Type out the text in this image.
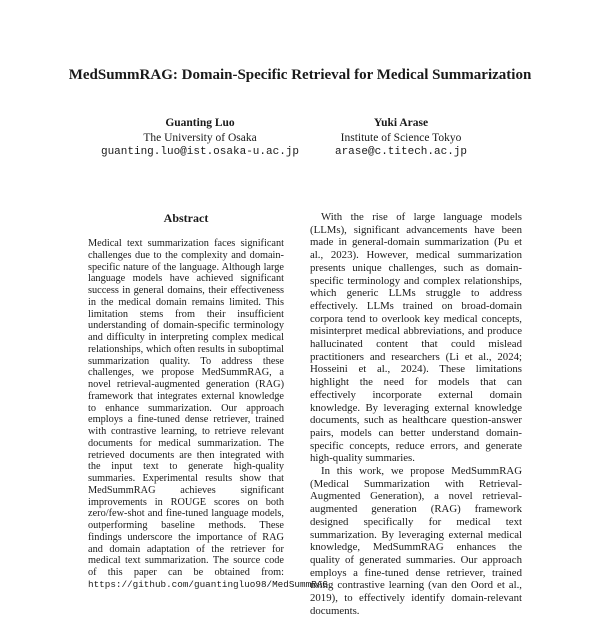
MedSummRAG: Domain-Specific Retrieval for Medical Summarization
Guanting Luo
The University of Osaka
guanting.luo@ist.osaka-u.ac.jp
Yuki Arase
Institute of Science Tokyo
arase@c.titech.ac.jp
Abstract

Medical text summarization faces significant challenges due to the complexity and domain-specific nature of the language. Although large language models have achieved significant success in general domains, their effectiveness in the medical domain remains limited. This limitation stems from their insufficient understanding of domain-specific terminology and difficulty in interpreting complex medical relationships, which often results in suboptimal summarization quality. To address these challenges, we propose MedSummRAG, a novel retrieval-augmented generation (RAG) framework that integrates external knowledge to enhance summarization. Our approach employs a fine-tuned dense retriever, trained with contrastive learning, to retrieve relevant documents for medical summarization. The retrieved documents are then integrated with the input text to generate high-quality summaries. Experimental results show that MedSummRAG achieves significant improvements in ROUGE scores on both zero/few-shot and fine-tuned language models, outperforming baseline methods. These findings underscore the importance of RAG and domain adaptation of the retriever for medical text summarization. The source code of this paper can be obtained from: https://github.com/guantingluo98/MedSummRAG

With the rise of large language models (LLMs), significant advancements have been made in general-domain summarization (Pu et al., 2023). However, medical summarization presents unique challenges, such as domain-specific terminology and complex relationships, which generic LLMs struggle to address effectively. LLMs trained on broad-domain corpora tend to overlook key medical concepts, misinterpret medical abbreviations, and produce hallucinated content that could mislead practitioners and researchers (Li et al., 2024; Hosseini et al., 2024). These limitations highlight the need for models that can effectively incorporate external domain knowledge. By leveraging external knowledge documents, such as healthcare question-answer pairs, models can better understand domain-specific concepts, reduce errors, and generate high-quality summaries.

In this work, we propose MedSummRAG (Medical Summarization with Retrieval-Augmented Generation), a novel retrieval-augmented generation (RAG) framework designed specifically for medical text summarization. By leveraging external medical knowledge, MedSummRAG enhances the quality of generated summaries. Our approach employs a fine-tuned dense retriever, trained using contrastive learning (van den Oord et al., 2019), to effectively identify domain-relevant documents.
